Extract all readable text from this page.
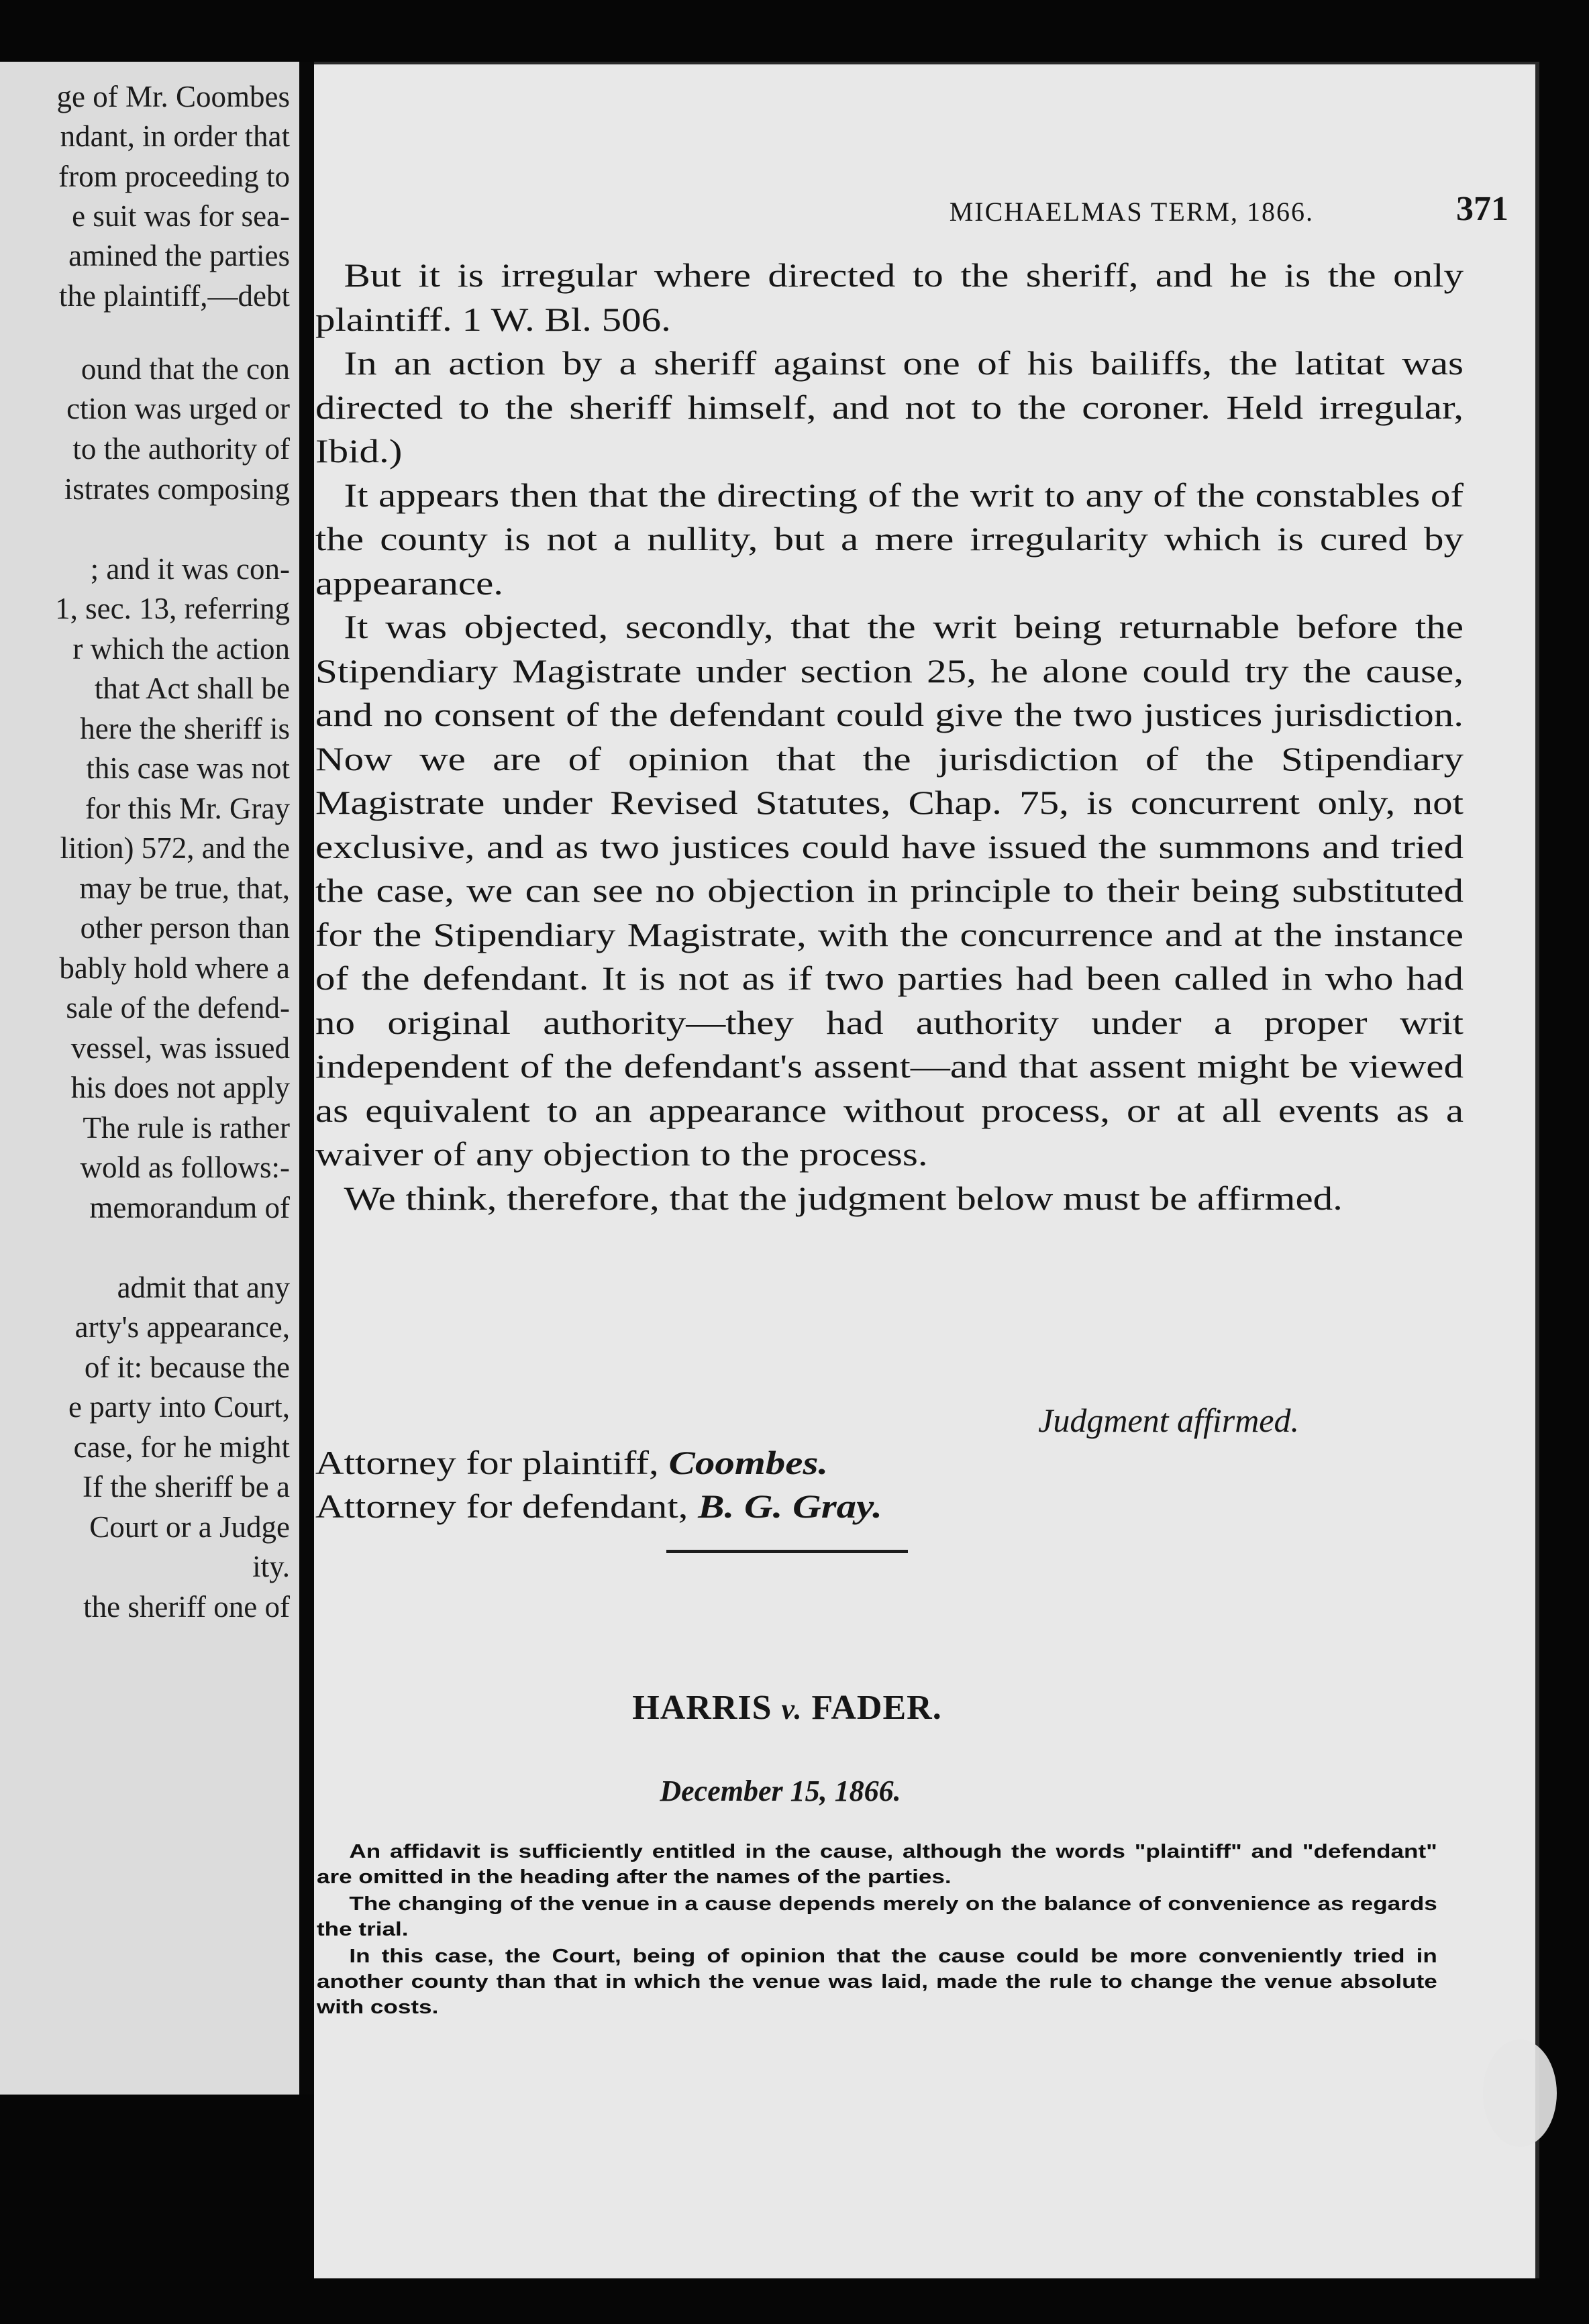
ge of Mr. Coombes
ndant, in order that
from proceeding to
e suit was for sea-
amined the parties
the plaintiff,—debt
ound that the con
ction was urged or
to the authority of
istrates composing
; and it was con-
1, sec. 13, referring
r which the action
that Act shall be
here the sheriff is
this case was not
for this Mr. Gray
lition) 572, and the
may be true, that,
other person than
bably hold where a
sale of the defend-
vessel, was issued
his does not apply
The rule is rather
wold as follows:-
memorandum of
admit that any
arty's appearance,
of it: because the
e party into Court,
case, for he might
If the sheriff be a
Court or a Judge
ity.
the sheriff one of
MICHAELMAS TERM, 1866.	371

But it is irregular where directed to the sheriff, and he is the only plaintiff. 1 W. Bl. 506.

In an action by a sheriff against one of his bailiffs, the latitat was directed to the sheriff himself, and not to the coroner. Held irregular, Ibid.)

It appears then that the directing of the writ to any of the constables of the county is not a nullity, but a mere irregularity which is cured by appearance.

It was objected, secondly, that the writ being returnable before the Stipendiary Magistrate under section 25, he alone could try the cause, and no consent of the defendant could give the two justices jurisdiction. Now we are of opinion that the jurisdiction of the Stipendiary Magistrate under Revised Statutes, Chap. 75, is concurrent only, not exclusive, and as two justices could have issued the summons and tried the case, we can see no objection in principle to their being substituted for the Stipendiary Magistrate, with the concurrence and at the instance of the defendant. It is not as if two parties had been called in who had no original authority—they had authority under a proper writ independent of the defendant's assent—and that assent might be viewed as equivalent to an appearance without process, or at all events as a waiver of any objection to the process.

We think, therefore, that the judgment below must be affirmed.

Judgment affirmed.
Attorney for plaintiff, Coombes.
Attorney for defendant, B. G. Gray.
HARRIS v. FADER.
December 15, 1866.

An affidavit is sufficiently entitled in the cause, although the words "plaintiff" and "defendant" are omitted in the heading after the names of the parties.

The changing of the venue in a cause depends merely on the balance of convenience as regards the trial.

In this case, the Court, being of opinion that the cause could be more conveniently tried in another county than that in which the venue was laid, made the rule to change the venue absolute with costs.
